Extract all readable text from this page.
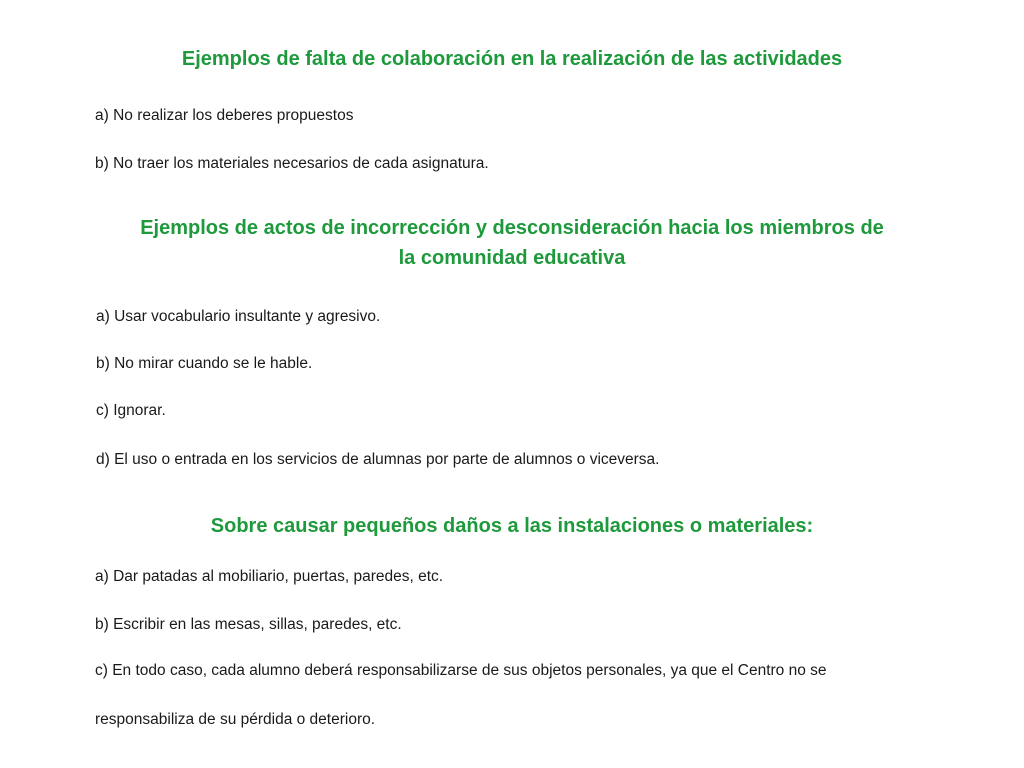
Ejemplos de falta de colaboración en la realización de las actividades

a) No realizar los deberes propuestos

b) No traer los materiales necesarios de cada asignatura.

Ejemplos de actos de incorrección y desconsideración hacia los miembros de
la comunidad educativa

a) Usar vocabulario insultante y agresivo.

b) No mirar cuando se le hable.

c) Ignorar.

d) El uso o entrada en los servicios de alumnas por parte de alumnos o viceversa.

Sobre causar pequeños daños a las instalaciones o materiales:

a) Dar patadas al mobiliario, puertas, paredes, etc.

b) Escribir en las mesas, sillas, paredes, etc.

c) En todo caso, cada alumno deberá responsabilizarse de sus objetos personales, ya que el Centro no se

responsabiliza de su pérdida o deterioro.
